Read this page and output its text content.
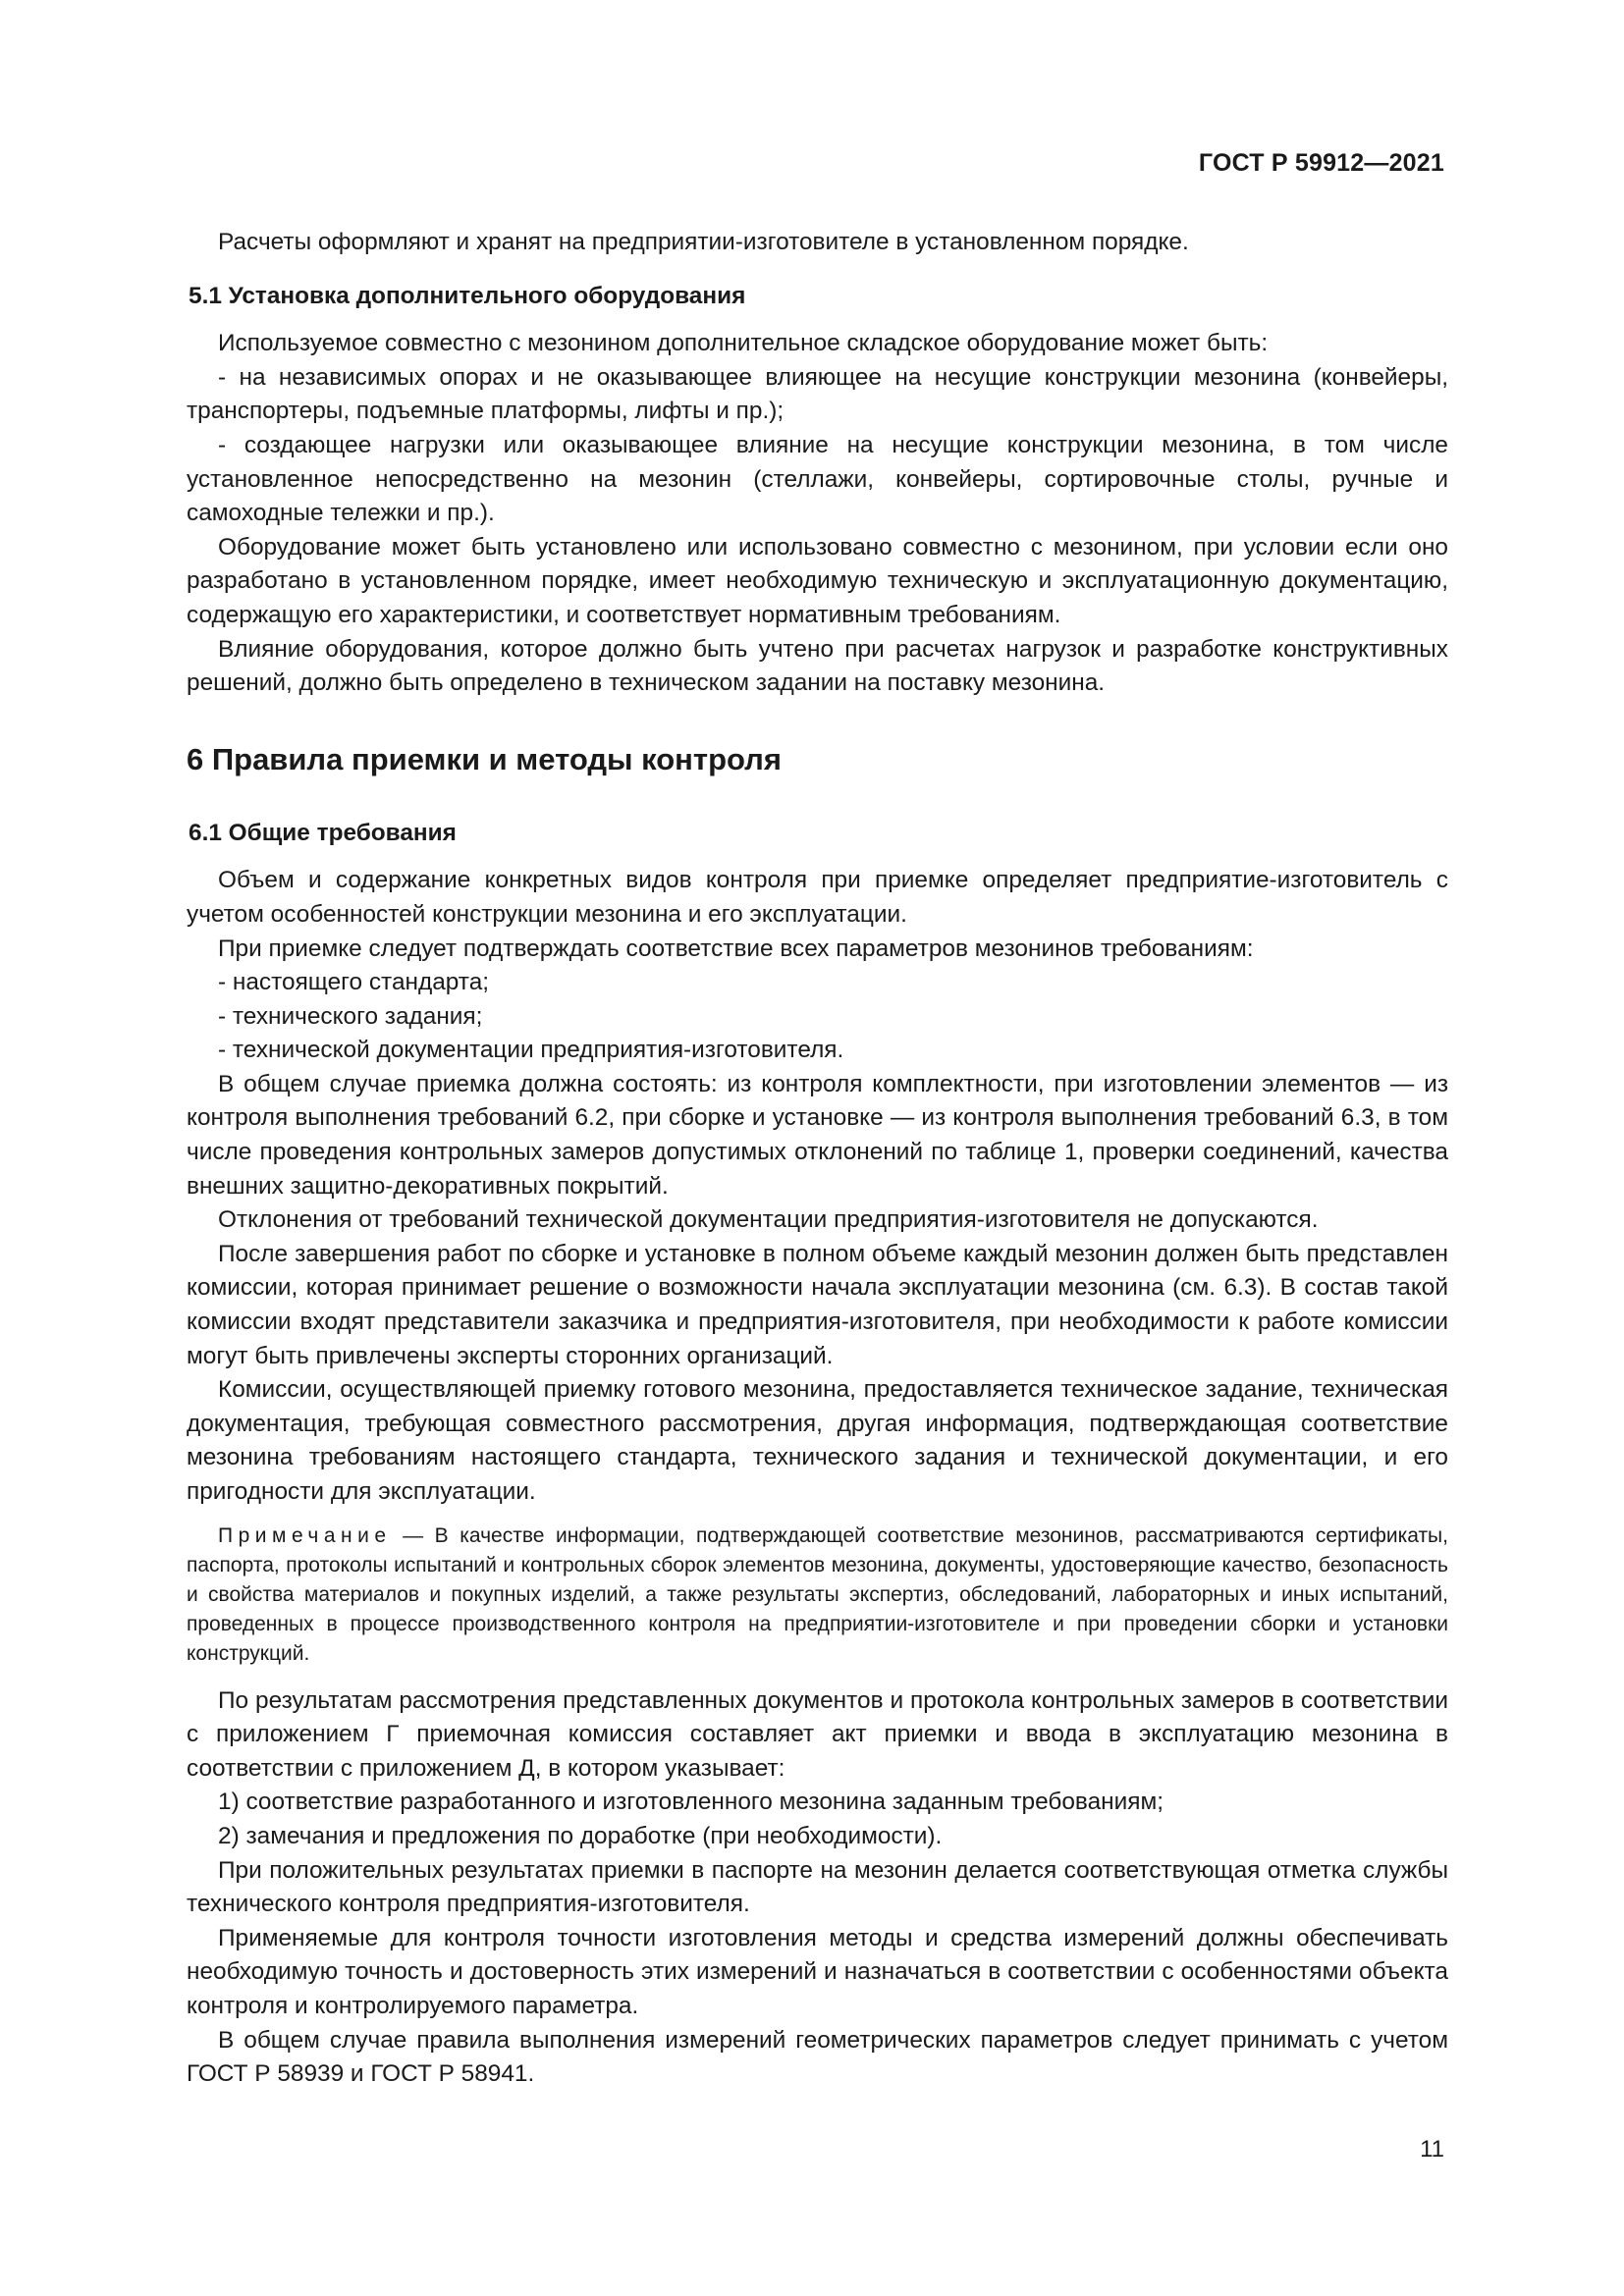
ГОСТ Р 59912—2021

Расчеты оформляют и хранят на предприятии-изготовителе в установленном порядке.

5.1 Установка дополнительного оборудования

Используемое совместно с мезонином дополнительное складское оборудование может быть:

- на независимых опорах и не оказывающее влияющее на несущие конструкции мезонина (конвейеры, транспортеры, подъемные платформы, лифты и пр.);

- создающее нагрузки или оказывающее влияние на несущие конструкции мезонина, в том числе установленное непосредственно на мезонин (стеллажи, конвейеры, сортировочные столы, ручные и самоходные тележки и пр.).

Оборудование может быть установлено или использовано совместно с мезонином, при условии если оно разработано в установленном порядке, имеет необходимую техническую и эксплуатационную документацию, содержащую его характеристики, и соответствует нормативным требованиям.

Влияние оборудования, которое должно быть учтено при расчетах нагрузок и разработке конструктивных решений, должно быть определено в техническом задании на поставку мезонина.

6 Правила приемки и методы контроля

6.1 Общие требования

Объем и содержание конкретных видов контроля при приемке определяет предприятие-изготовитель с учетом особенностей конструкции мезонина и его эксплуатации.

При приемке следует подтверждать соответствие всех параметров мезонинов требованиям:

- настоящего стандарта;

- технического задания;

- технической документации предприятия-изготовителя.

В общем случае приемка должна состоять: из контроля комплектности, при изготовлении элементов — из контроля выполнения требований 6.2, при сборке и установке — из контроля выполнения требований 6.3, в том числе проведения контрольных замеров допустимых отклонений по таблице 1, проверки соединений, качества внешних защитно-декоративных покрытий.

Отклонения от требований технической документации предприятия-изготовителя не допускаются.

После завершения работ по сборке и установке в полном объеме каждый мезонин должен быть представлен комиссии, которая принимает решение о возможности начала эксплуатации мезонина (см. 6.3). В состав такой комиссии входят представители заказчика и предприятия-изготовителя, при необходимости к работе комиссии могут быть привлечены эксперты сторонних организаций.

Комиссии, осуществляющей приемку готового мезонина, предоставляется техническое задание, техническая документация, требующая совместного рассмотрения, другая информация, подтверждающая соответствие мезонина требованиям настоящего стандарта, технического задания и технической документации, и его пригодности для эксплуатации.

Примечание — В качестве информации, подтверждающей соответствие мезонинов, рассматриваются сертификаты, паспорта, протоколы испытаний и контрольных сборок элементов мезонина, документы, удостоверяющие качество, безопасность и свойства материалов и покупных изделий, а также результаты экспертиз, обследований, лабораторных и иных испытаний, проведенных в процессе производственного контроля на предприятии-изготовителе и при проведении сборки и установки конструкций.

По результатам рассмотрения представленных документов и протокола контрольных замеров в соответствии с приложением Г приемочная комиссия составляет акт приемки и ввода в эксплуатацию мезонина в соответствии с приложением Д, в котором указывает:

1) соответствие разработанного и изготовленного мезонина заданным требованиям;

2) замечания и предложения по доработке (при необходимости).

При положительных результатах приемки в паспорте на мезонин делается соответствующая отметка службы технического контроля предприятия-изготовителя.

Применяемые для контроля точности изготовления методы и средства измерений должны обеспечивать необходимую точность и достоверность этих измерений и назначаться в соответствии с особенностями объекта контроля и контролируемого параметра.

В общем случае правила выполнения измерений геометрических параметров следует принимать с учетом ГОСТ Р 58939 и ГОСТ Р 58941.

11
